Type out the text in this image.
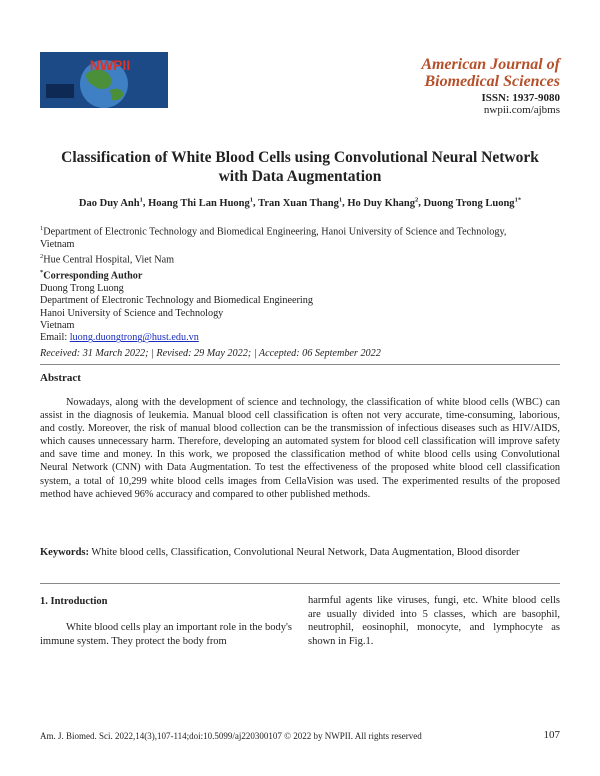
NWPII	American Journal of
Biomedical Sciences
ISSN: 1937-9080
nwpii.com/ajbms
Classification of White Blood Cells using Convolutional Neural Network
with Data Augmentation
Dao Duy Anh$^1$, Hoang Thi Lan Huong$^1$, Tran Xuan Thang$^1$, Ho Duy Khang$^2$, Duong Trong Luong$^{1*}$
$^1$Department of Electronic Technology and Biomedical Engineering, Hanoi University of Science and Technology,
Vietnam
$^2$Hue Central Hospital, Viet Nam
*Corresponding Author
Duong Trong Luong
Department of Electronic Technology and Biomedical Engineering
Hanoi University of Science and Technology
Vietnam
Email: luong.duongtrong@hust.edu.vn
Received: 31 March 2022; | Revised: 29 May 2022; | Accepted: 06 September 2022
Abstract
Nowadays, along with the development of science and technology, the classification of white blood cells (WBC) can assist in the diagnosis of leukemia. Manual blood cell classification is often not very accurate, time-consuming, laborious, and costly. Moreover, the risk of manual blood collection can be the transmission of infectious diseases such as HIV/AIDS, which causes unnecessary harm. Therefore, developing an automated system for blood cell classification will improve safety and save time and money. In this work, we proposed the classification method of white blood cells using Convolutional Neural Network (CNN) with Data Augmentation. To test the effectiveness of the proposed white blood cell classification system, a total of 10,299 white blood cells images from CellaVision was used. The experimented results of the proposed method have achieved 96% accuracy and compared to other published methods.
Keywords: White blood cells, Classification, Convolutional Neural Network, Data Augmentation, Blood disorder
1. Introduction
White blood cells play an important role in the body's immune system. They protect the body from
harmful agents like viruses, fungi, etc. White blood cells are usually divided into 5 classes, which are basophil, neutrophil, eosinophil, monocyte, and lymphocyte as shown in Fig.1.
Am. J. Biomed. Sci. 2022,14(3),107-114;doi:10.5099/aj220300107 © 2022 by NWPII. All rights reserved	107
